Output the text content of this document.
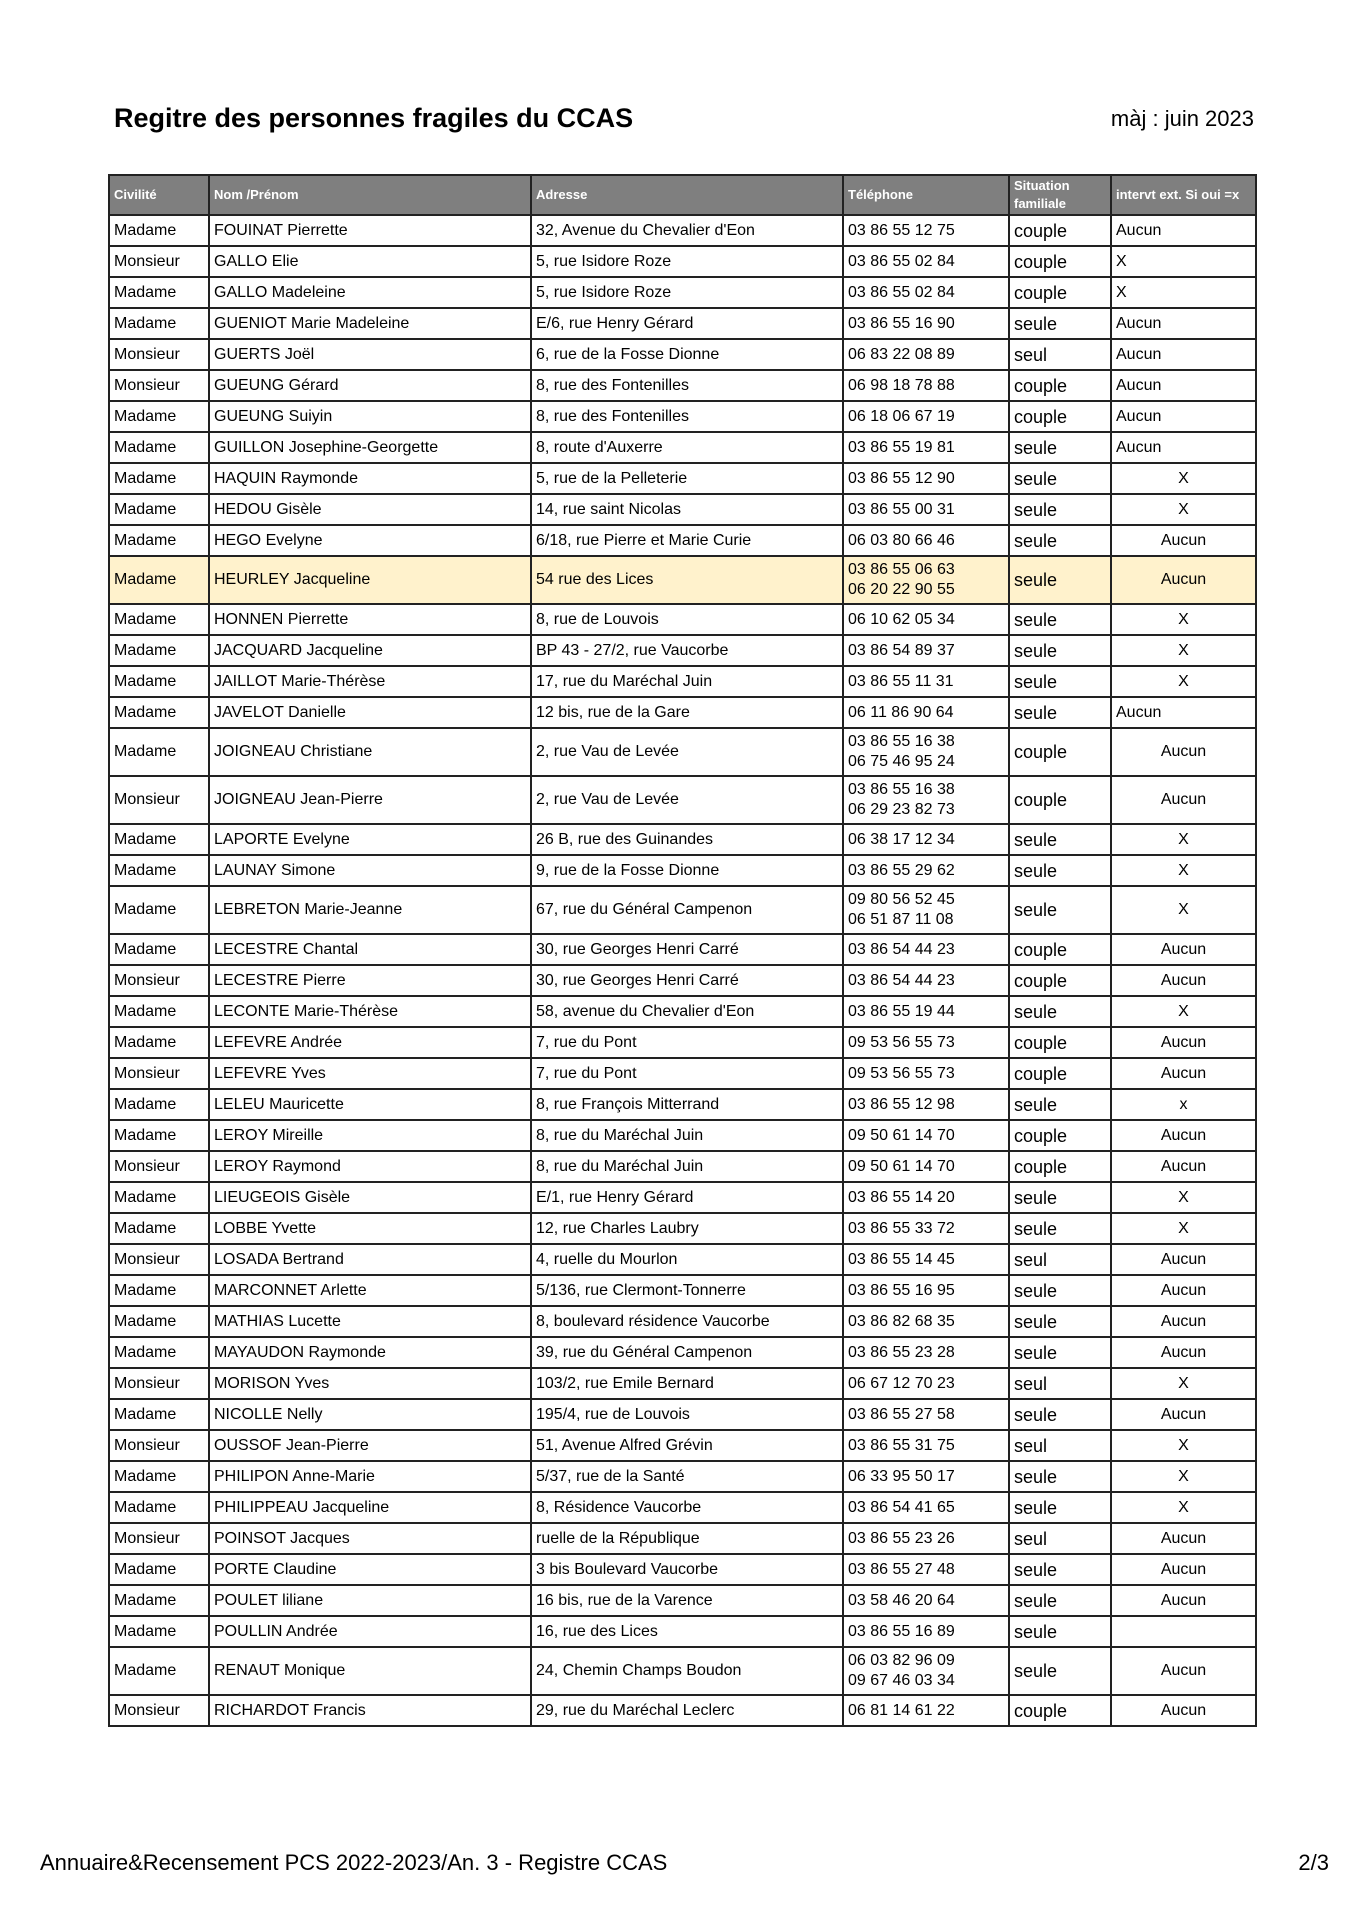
Regitre des personnes fragiles du CCAS	màj : juin 2023
Civilité	Nom /Prénom	Adresse	Téléphone	Situation familiale	intervt ext. Si oui =x
Madame	FOUINAT Pierrette	32, Avenue du Chevalier d'Eon	03 86 55 12 75	couple	Aucun
Monsieur	GALLO Elie	5, rue Isidore Roze	03 86 55 02 84	couple	X
Madame	GALLO Madeleine	5, rue Isidore Roze	03 86 55 02 84	couple	X
Madame	GUENIOT Marie Madeleine	E/6, rue Henry Gérard	03 86 55 16 90	seule	Aucun
Monsieur	GUERTS Joël	6, rue de la Fosse Dionne	06 83 22 08 89	seul	Aucun
Monsieur	GUEUNG Gérard	8, rue des Fontenilles	06 98 18 78 88	couple	Aucun
Madame	GUEUNG Suiyin	8, rue des Fontenilles	06 18 06 67 19	couple	Aucun
Madame	GUILLON Josephine-Georgette	8, route d'Auxerre	03 86 55 19 81	seule	Aucun
Madame	HAQUIN Raymonde	5, rue de la Pelleterie	03 86 55 12 90	seule	X
Madame	HEDOU Gisèle	14, rue saint Nicolas	03 86 55 00 31	seule	X
Madame	HEGO Evelyne	6/18, rue Pierre et Marie Curie	06 03 80 66 46	seule	Aucun
Madame	HEURLEY Jacqueline	54 rue des Lices	03 86 55 06 63
06 20 22 90 55	seule	Aucun
Madame	HONNEN Pierrette	8, rue de Louvois	06 10 62 05 34	seule	X
Madame	JACQUARD Jacqueline	BP 43 - 27/2, rue Vaucorbe	03 86 54 89 37	seule	X
Madame	JAILLOT Marie-Thérèse	17, rue du Maréchal Juin	03 86 55 11 31	seule	X
Madame	JAVELOT Danielle	12 bis, rue de la Gare	06 11 86 90 64	seule	Aucun
Madame	JOIGNEAU Christiane	2, rue Vau de Levée	03 86 55 16 38
06 75 46 95 24	couple	Aucun
Monsieur	JOIGNEAU Jean-Pierre	2, rue Vau de Levée	03 86 55 16 38
06 29 23 82 73	couple	Aucun
Madame	LAPORTE Evelyne	26 B, rue des Guinandes	06 38 17 12 34	seule	X
Madame	LAUNAY Simone	9, rue de la Fosse Dionne	03 86 55 29 62	seule	X
Madame	LEBRETON Marie-Jeanne	67, rue du Général Campenon	09 80 56 52 45
06 51 87 11 08	seule	X
Madame	LECESTRE Chantal	30, rue Georges Henri Carré	03 86 54 44 23	couple	Aucun
Monsieur	LECESTRE Pierre	30, rue Georges Henri Carré	03 86 54 44 23	couple	Aucun
Madame	LECONTE Marie-Thérèse	58, avenue du Chevalier d'Eon	03 86 55 19 44	seule	X
Madame	LEFEVRE Andrée	7, rue du Pont	09 53 56 55 73	couple	Aucun
Monsieur	LEFEVRE Yves	7, rue du Pont	09 53 56 55 73	couple	Aucun
Madame	LELEU Mauricette	8, rue François Mitterrand	03 86 55 12 98	seule	x
Madame	LEROY Mireille	8, rue du Maréchal Juin	09 50 61 14 70	couple	Aucun
Monsieur	LEROY Raymond	8, rue du Maréchal Juin	09 50 61 14 70	couple	Aucun
Madame	LIEUGEOIS Gisèle	E/1, rue Henry Gérard	03 86 55 14 20	seule	X
Madame	LOBBE Yvette	12, rue Charles Laubry	03 86 55 33 72	seule	X
Monsieur	LOSADA Bertrand	4, ruelle du Mourlon	03 86 55 14 45	seul	Aucun
Madame	MARCONNET Arlette	5/136, rue Clermont-Tonnerre	03 86 55 16 95	seule	Aucun
Madame	MATHIAS Lucette	8, boulevard résidence Vaucorbe	03 86 82 68 35	seule	Aucun
Madame	MAYAUDON Raymonde	39, rue du Général Campenon	03 86 55 23 28	seule	Aucun
Monsieur	MORISON Yves	103/2, rue Emile Bernard	06 67 12 70 23	seul	X
Madame	NICOLLE Nelly	195/4, rue de Louvois	03 86 55 27 58	seule	Aucun
Monsieur	OUSSOF Jean-Pierre	51, Avenue Alfred Grévin	03 86 55 31 75	seul	X
Madame	PHILIPON Anne-Marie	5/37, rue de la Santé	06 33 95 50 17	seule	X
Madame	PHILIPPEAU Jacqueline	8, Résidence Vaucorbe	03 86 54 41 65	seule	X
Monsieur	POINSOT Jacques	ruelle de la République	03 86 55 23 26	seul	Aucun
Madame	PORTE Claudine	3 bis Boulevard Vaucorbe	03 86 55 27 48	seule	Aucun
Madame	POULET liliane	16 bis, rue de la Varence	03 58 46 20 64	seule	Aucun
Madame	POULLIN Andrée	16, rue des Lices	03 86 55 16 89	seule	
Madame	RENAUT Monique	24, Chemin Champs Boudon	06 03 82 96 09
09 67 46 03 34	seule	Aucun
Monsieur	RICHARDOT Francis	29, rue du Maréchal Leclerc	06 81 14 61 22	couple	Aucun
Annuaire&Recensement PCS 2022-2023/An. 3 - Registre CCAS	2/3
